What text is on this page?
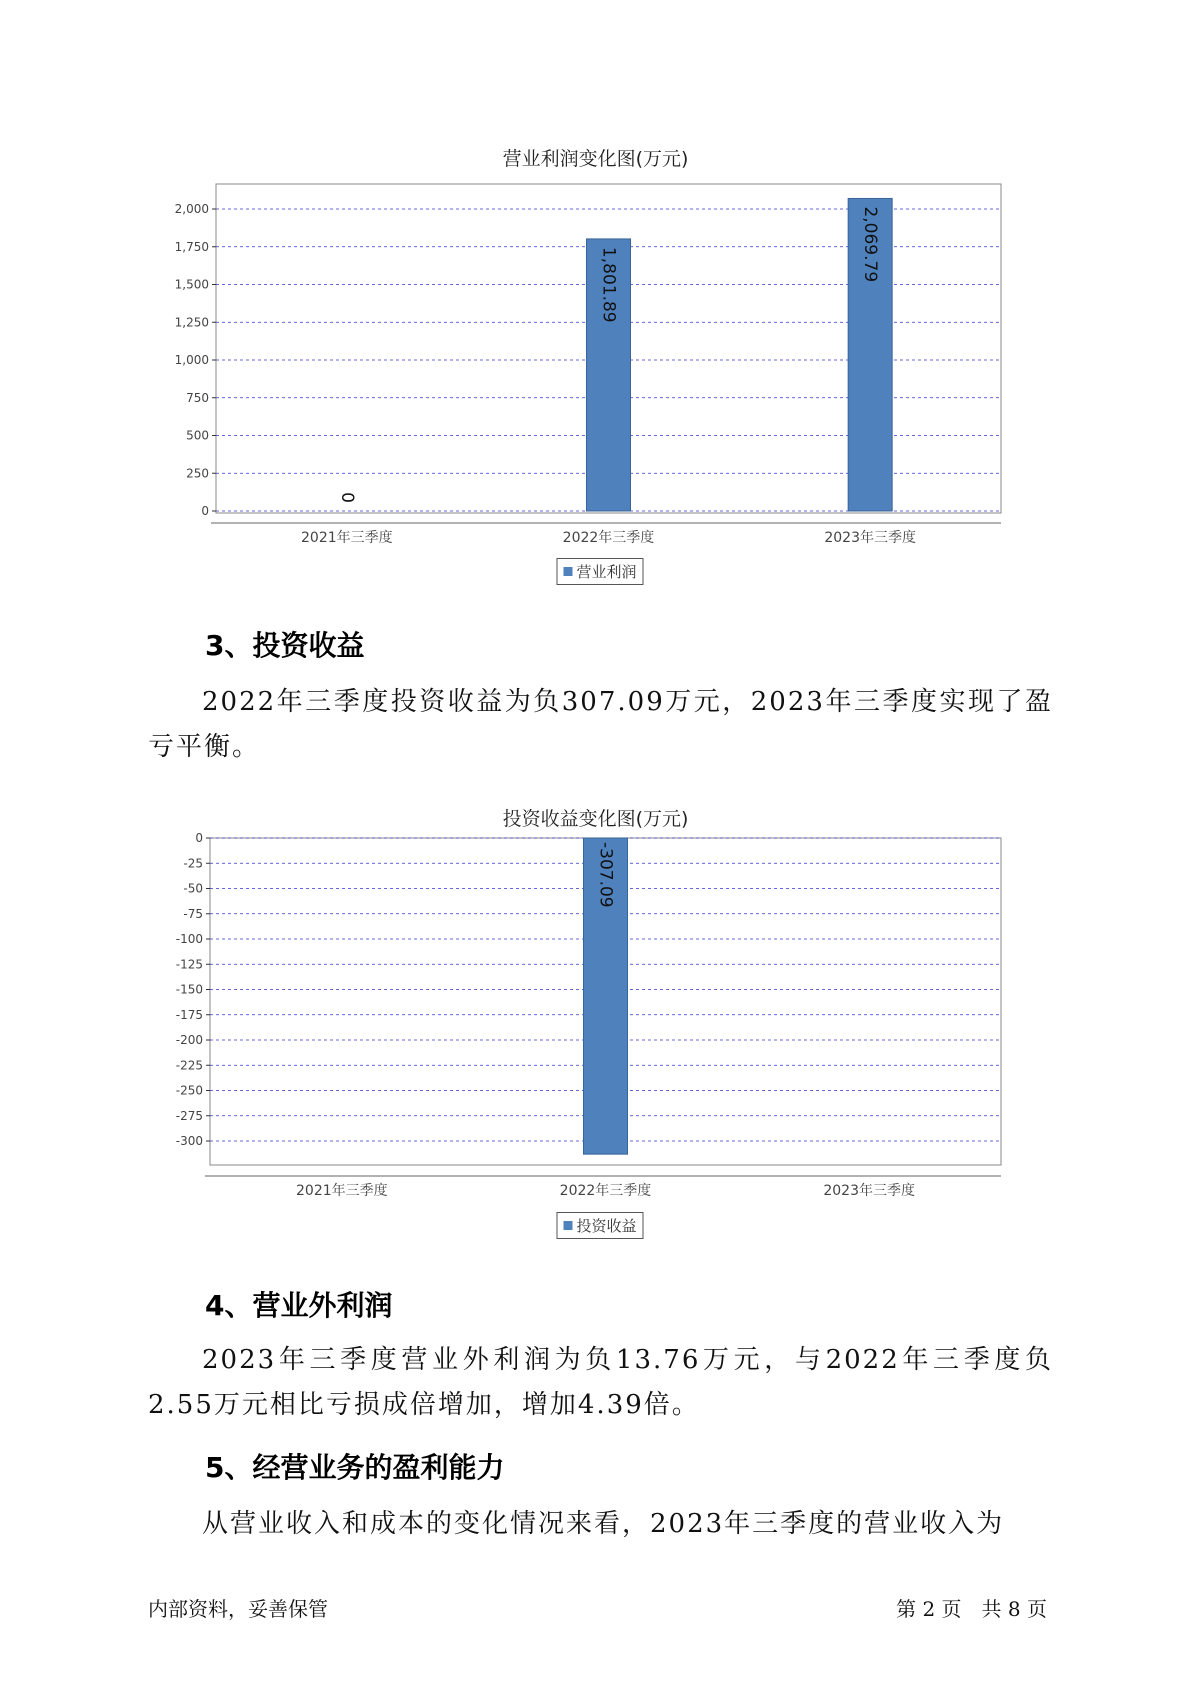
营业利润变化图(万元)
0
250
500
750
1,000
1,250
1,500
1,750
2,000
0
2021年三季度
1,801.89
2022年三季度
2,069.79
2023年三季度
营业利润
3、投资收益

2022年三季度投资收益为负307.09万元，2023年三季度实现了盈亏平衡。

投资收益变化图(万元)
0
-25
-50
-75
-100
-125
-150
-175
-200
-225
-250
-275
-300
2021年三季度
-307.09
2022年三季度	2023年三季度
投资收益
4、营业外利润

2023年三季度营业外利润为负13.76万元，与2022年三季度负2.55万元相比亏损成倍增加，增加4.39倍。

5、经营业务的盈利能力

从营业收入和成本的变化情况来看，2023年三季度的营业收入为

内部资料，妥善保管	第 2 页　共 8 页
